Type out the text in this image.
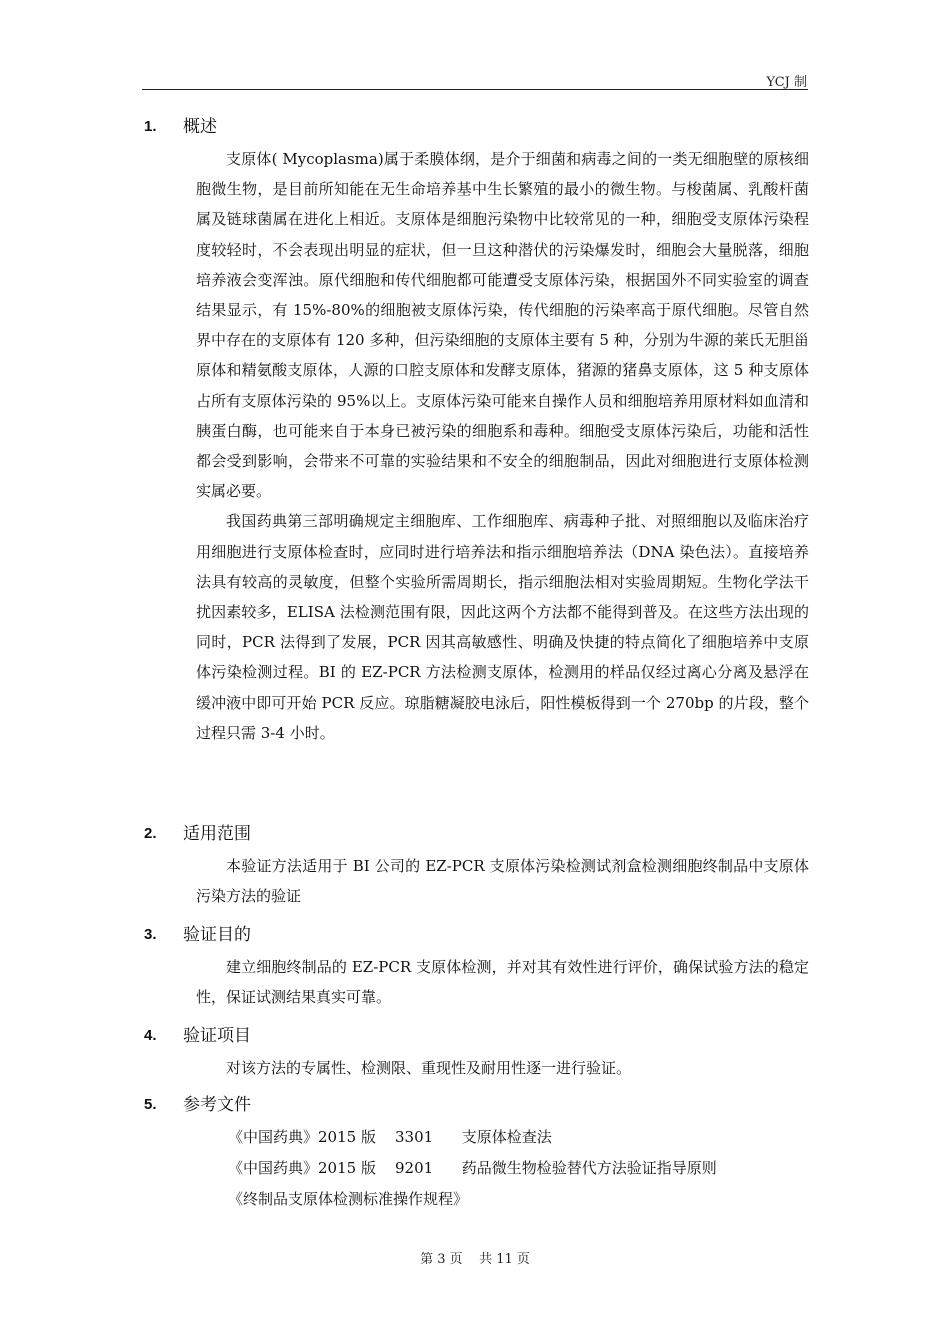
YCJ 制
1. 概述

支原体( Mycoplasma)属于柔膜体纲，是介于细菌和病毒之间的一类无细胞壁的原核细胞微生物，是目前所知能在无生命培养基中生长繁殖的最小的微生物。与梭菌属、乳酸杆菌属及链球菌属在进化上相近。支原体是细胞污染物中比较常见的一种，细胞受支原体污染程度较轻时，不会表现出明显的症状，但一旦这种潜伏的污染爆发时，细胞会大量脱落，细胞培养液会变浑浊。原代细胞和传代细胞都可能遭受支原体污染，根据国外不同实验室的调查结果显示，有 15%-80%的细胞被支原体污染，传代细胞的污染率高于原代细胞。尽管自然界中存在的支原体有 120 多种，但污染细胞的支原体主要有 5 种，分别为牛源的莱氏无胆甾原体和精氨酸支原体，人源的口腔支原体和发酵支原体，猪源的猪鼻支原体，这 5 种支原体占所有支原体污染的 95%以上。支原体污染可能来自操作人员和细胞培养用原材料如血清和胰蛋白酶，也可能来自于本身已被污染的细胞系和毒种。细胞受支原体污染后，功能和活性都会受到影响，会带来不可靠的实验结果和不安全的细胞制品，因此对细胞进行支原体检测实属必要。

我国药典第三部明确规定主细胞库、工作细胞库、病毒种子批、对照细胞以及临床治疗用细胞进行支原体检查时，应同时进行培养法和指示细胞培养法（DNA 染色法）。直接培养法具有较高的灵敏度，但整个实验所需周期长，指示细胞法相对实验周期短。生物化学法干扰因素较多，ELISA 法检测范围有限，因此这两个方法都不能得到普及。在这些方法出现的同时，PCR 法得到了发展，PCR 因其高敏感性、明确及快捷的特点简化了细胞培养中支原体污染检测过程。BI 的 EZ-PCR 方法检测支原体，检测用的样品仅经过离心分离及悬浮在缓冲液中即可开始 PCR 反应。琼脂糖凝胶电泳后，阳性模板得到一个 270bp 的片段，整个过程只需 3-4 小时。

2. 适用范围

本验证方法适用于 BI 公司的 EZ-PCR 支原体污染检测试剂盒检测细胞终制品中支原体污染方法的验证

3. 验证目的

建立细胞终制品的 EZ-PCR 支原体检测，并对其有效性进行评价，确保试验方法的稳定性，保证试测结果真实可靠。

4. 验证项目

对该方法的专属性、检测限、重现性及耐用性逐一进行验证。

5. 参考文件
《中国药典》2015 版    3301      支原体检查法
《中国药典》2015 版    9201      药品微生物检验替代方法验证指导原则
《终制品支原体检测标准操作规程》
第 3 页    共 11 页
